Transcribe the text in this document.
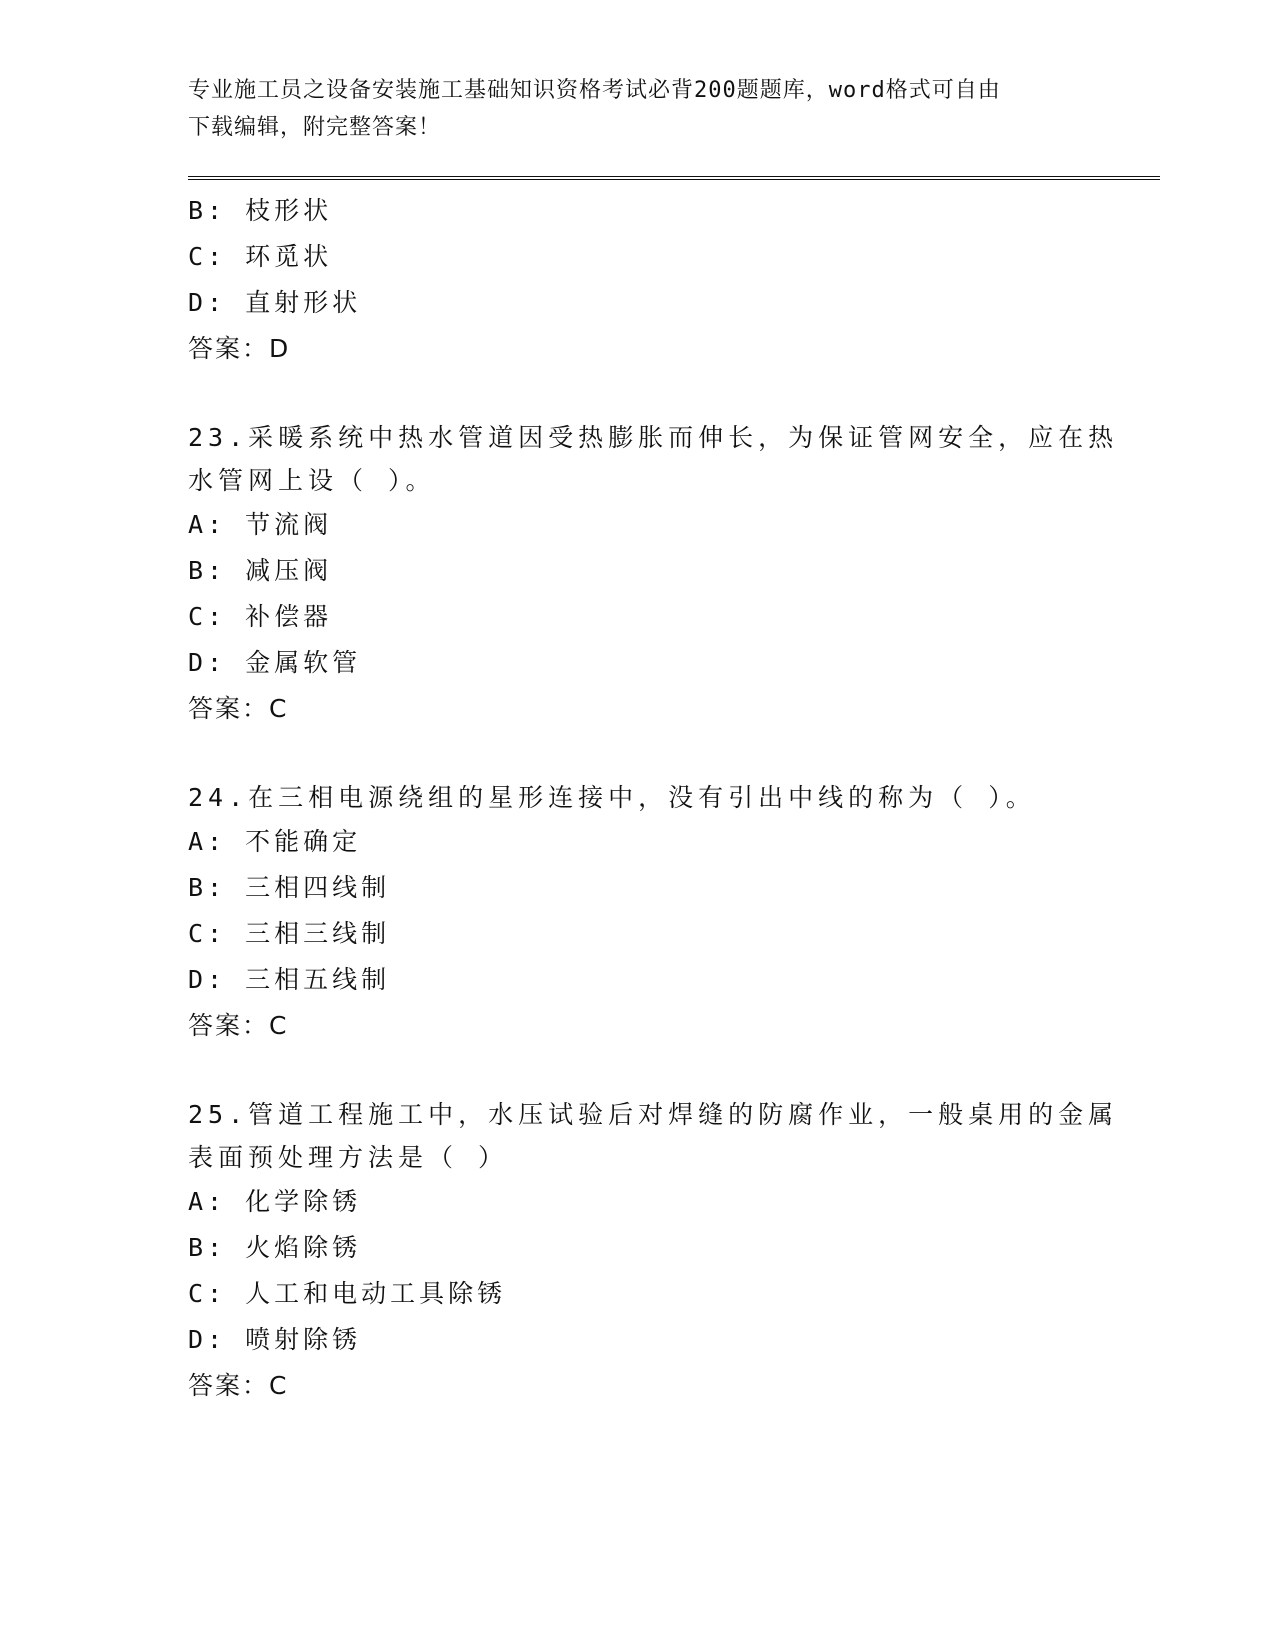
专业施工员之设备安装施工基础知识资格考试必背200题题库，word格式可自由
下载编辑，附完整答案！
B: 枝形状
C: 环觅状
D: 直射形状
答案：D
23.采暖系统中热水管道因受热膨胀而伸长，为保证管网安全，应在热
水管网上设（ ）。
A: 节流阀
B: 减压阀
C: 补偿器
D: 金属软管
答案：C
24.在三相电源绕组的星形连接中，没有引出中线的称为（ ）。
A: 不能确定
B: 三相四线制
C: 三相三线制
D: 三相五线制
答案：C
25.管道工程施工中，水压试验后对焊缝的防腐作业，一般桌用的金属
表面预处理方法是（ ）
A: 化学除锈
B: 火焰除锈
C: 人工和电动工具除锈
D: 喷射除锈
答案：C
